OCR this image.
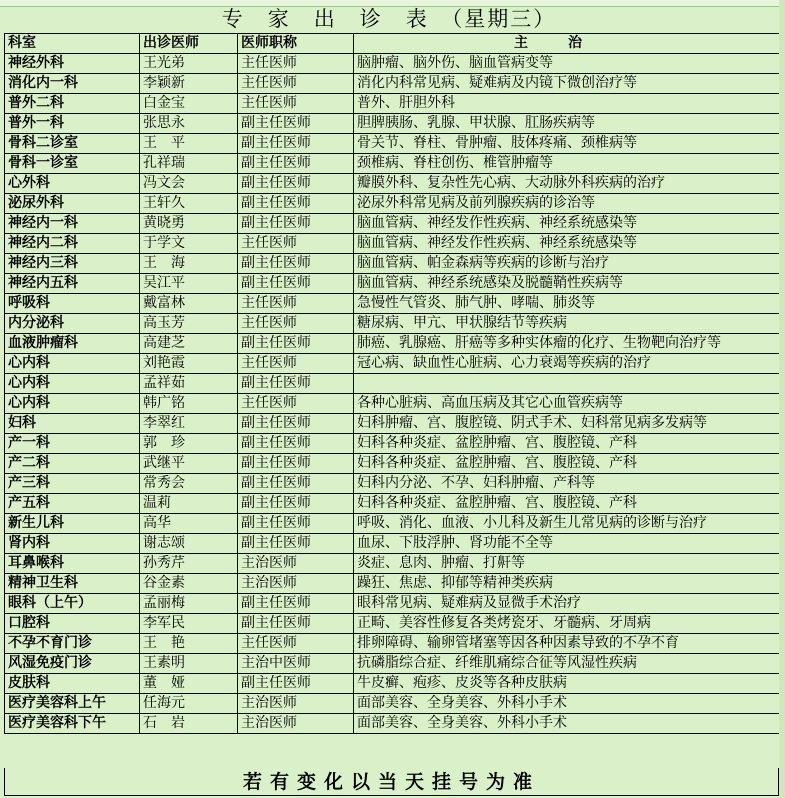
专　家　出　诊　表　（星期三）
科室	出诊医师	医师职称	主治
神经外科	王光弟	主任医师	脑肿瘤、脑外伤、脑血管病变等
消化内一科	李颖新	主任医师	消化内科常见病、疑难病及内镜下微创治疗等
普外二科	白金宝	主任医师	普外、肝胆外科
普外一科	张思永	副主任医师	胆脾胰肠、乳腺、甲状腺、肛肠疾病等
骨科二诊室	王　平	副主任医师	骨关节、脊柱、骨肿瘤、肢体疼痛、颈椎病等
骨科一诊室	孔祥瑞	副主任医师	颈椎病、脊柱创伤、椎管肿瘤等
心外科	冯文会	副主任医师	瓣膜外科、复杂性先心病、大动脉外科疾病的治疗
泌尿外科	王轩久	副主任医师	泌尿外科常见病及前列腺疾病的诊治等
神经内一科	黄晓勇	副主任医师	脑血管病、神经发作性疾病、神经系统感染等
神经内二科	于学文	主任医师	脑血管病、神经发作性疾病、神经系统感染等
神经内三科	王　海	副主任医师	脑血管病、帕金森病等疾病的诊断与治疗
神经内五科	吴江平	副主任医师	脑血管病、神经系统感染及脱髓鞘性疾病等
呼吸科	戴富林	主任医师	急慢性气管炎、肺气肿、哮喘、肺炎等
内分泌科	高玉芳	主任医师	糖尿病、甲亢、甲状腺结节等疾病
血液肿瘤科	高建芝	副主任医师	肺癌、乳腺癌、肝癌等多种实体瘤的化疗、生物靶向治疗等
心内科	刘艳霞	主任医师	冠心病、缺血性心脏病、心力衰竭等疾病的治疗
心内科	孟祥茹	副主任医师	
心内科	韩广铭	主任医师	各种心脏病、高血压病及其它心血管疾病等
妇科	李翠红	副主任医师	妇科肿瘤、宫、腹腔镜、阴式手术、妇科常见病多发病等
产一科	郭　珍	副主任医师	妇科各种炎症、盆腔肿瘤、宫、腹腔镜、产科
产二科	武继平	副主任医师	妇科各种炎症、盆腔肿瘤、宫、腹腔镜、产科
产三科	常秀会	副主任医师	妇科内分泌、不孕、妇科肿瘤、产科等
产五科	温莉	副主任医师	妇科各种炎症、盆腔肿瘤、宫、腹腔镜、产科
新生儿科	高华	副主任医师	呼吸、消化、血液、小儿科及新生儿常见病的诊断与治疗
肾内科	谢志颂	副主任医师	血尿、下肢浮肿、肾功能不全等
耳鼻喉科	孙秀芹	主治医师	炎症、息肉、肿瘤、打鼾等
精神卫生科	谷金素	主治医师	躁狂、焦虑、抑郁等精神类疾病
眼科（上午）	孟丽梅	副主任医师	眼科常见病、疑难病及显微手术治疗
口腔科	李军民	副主任医师	正畸、美容性修复各类烤瓷牙、牙髓病、牙周病
不孕不育门诊	王　艳	主任医师	排卵障碍、输卵管堵塞等因各种因素导致的不孕不育
风湿免疫门诊	王素明	主治中医师	抗磷脂综合症、纤维肌痛综合征等风湿性疾病
皮肤科	董　娅	副主任医师	牛皮癣、疱疹、皮炎等各种皮肤病
医疗美容科上午	任海元	主治医师	面部美容、全身美容、外科小手术
医疗美容科下午	石　岩	主治医师	面部美容、全身美容、外科小手术
若有变化以当天挂号为准
